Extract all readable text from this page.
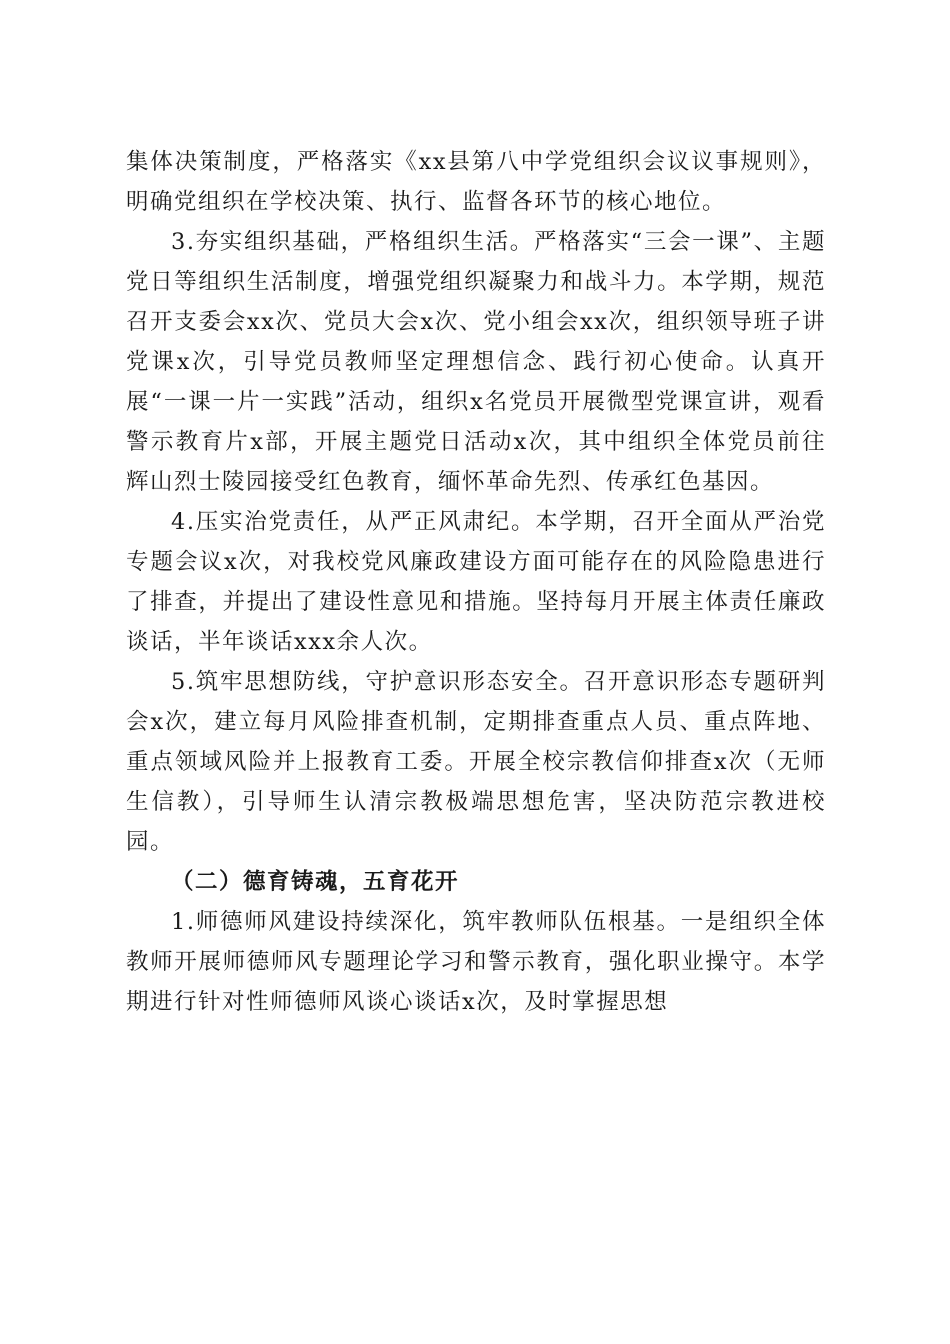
集体决策制度，严格落实《xx县第八中学党组织会议议事规则》，明确党组织在学校决策、执行、监督各环节的核心地位。

3.夯实组织基础，严格组织生活。严格落实“三会一课”、主题党日等组织生活制度，增强党组织凝聚力和战斗力。本学期，规范召开支委会xx次、党员大会x次、党小组会xx次，组织领导班子讲党课x次，引导党员教师坚定理想信念、践行初心使命。认真开展“一课一片一实践”活动，组织x名党员开展微型党课宣讲，观看警示教育片x部，开展主题党日活动x次，其中组织全体党员前往辉山烈士陵园接受红色教育，缅怀革命先烈、传承红色基因。

4.压实治党责任，从严正风肃纪。本学期，召开全面从严治党专题会议x次，对我校党风廉政建设方面可能存在的风险隐患进行了排查，并提出了建设性意见和措施。坚持每月开展主体责任廉政谈话，半年谈话xxx余人次。

5.筑牢思想防线，守护意识形态安全。召开意识形态专题研判会x次，建立每月风险排查机制，定期排查重点人员、重点阵地、重点领域风险并上报教育工委。开展全校宗教信仰排查x次（无师生信教），引导师生认清宗教极端思想危害，坚决防范宗教进校园。

（二）德育铸魂，五育花开

1.师德师风建设持续深化，筑牢教师队伍根基。一是组织全体教师开展师德师风专题理论学习和警示教育，强化职业操守。本学期进行针对性师德师风谈心谈话x次，及时掌握思想
